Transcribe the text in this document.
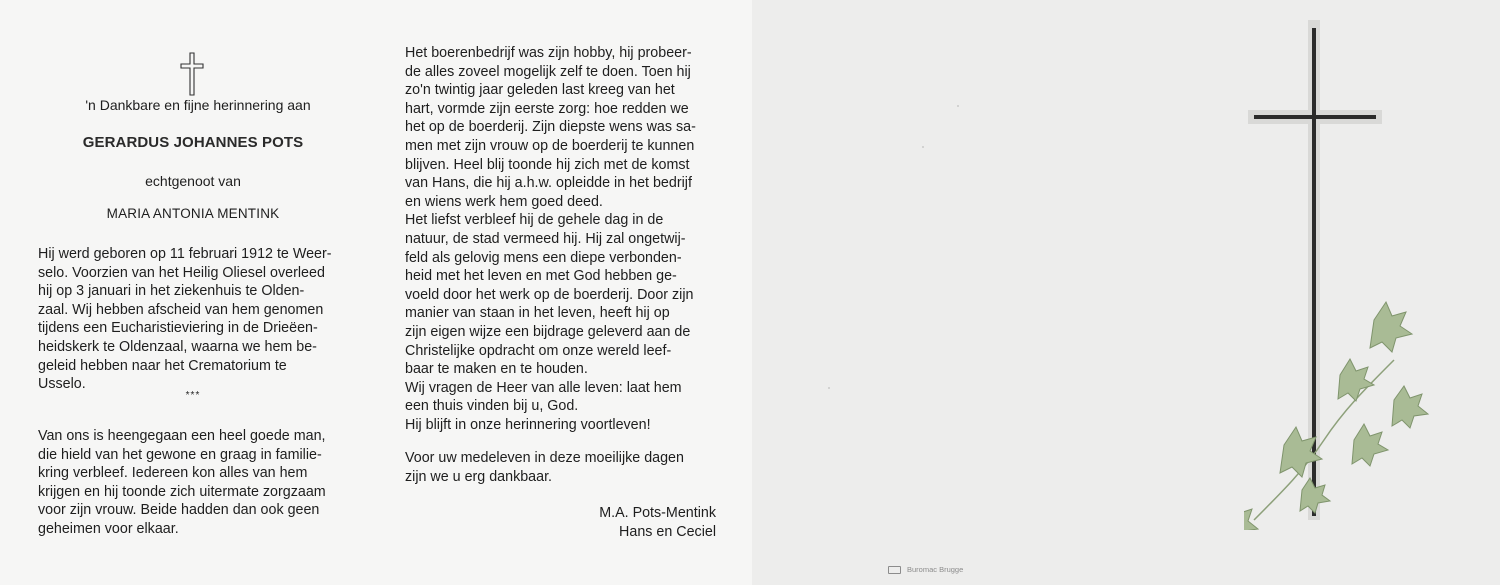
'n Dankbare en fijne herinnering aan
GERARDUS JOHANNES POTS
echtgenoot van
MARIA ANTONIA MENTINK
Hij werd geboren op 11 februari 1912 te Weer-
selo. Voorzien van het Heilig Oliesel overleed
hij op 3 januari in het ziekenhuis te Olden-
zaal. Wij hebben afscheid van hem genomen
tijdens een Eucharistieviering in de Drieëen-
heidskerk te Oldenzaal, waarna we hem be-
geleid hebben naar het Crematorium te
Usselo.
***
Van ons is heengegaan een heel goede man,
die hield van het gewone en graag in familie-
kring verbleef. Iedereen kon alles van hem
krijgen en hij toonde zich uitermate zorgzaam
voor zijn vrouw. Beide hadden dan ook geen
geheimen voor elkaar.
Het boerenbedrijf was zijn hobby, hij probeer-
de alles zoveel mogelijk zelf te doen. Toen hij
zo'n twintig jaar geleden last kreeg van het
hart, vormde zijn eerste zorg: hoe redden we
het op de boerderij. Zijn diepste wens was sa-
men met zijn vrouw op de boerderij te kunnen
blijven. Heel blij toonde hij zich met de komst
van Hans, die hij a.h.w. opleidde in het bedrijf
en wiens werk hem goed deed.
Het liefst verbleef hij de gehele dag in de
natuur, de stad vermeed hij. Hij zal ongetwij-
feld als gelovig mens een diepe verbonden-
heid met het leven en met God hebben ge-
voeld door het werk op de boerderij. Door zijn
manier van staan in het leven, heeft hij op
zijn eigen wijze een bijdrage geleverd aan de
Christelijke opdracht om onze wereld leef-
baar te maken en te houden.
Wij vragen de Heer van alle leven: laat hem
een thuis vinden bij u, God.
Hij blijft in onze herinnering voortleven!
Voor uw medeleven in deze moeilijke dagen
zijn we u erg dankbaar.
M.A. Pots-Mentink
Hans en Ceciel
Buromac Brugge
